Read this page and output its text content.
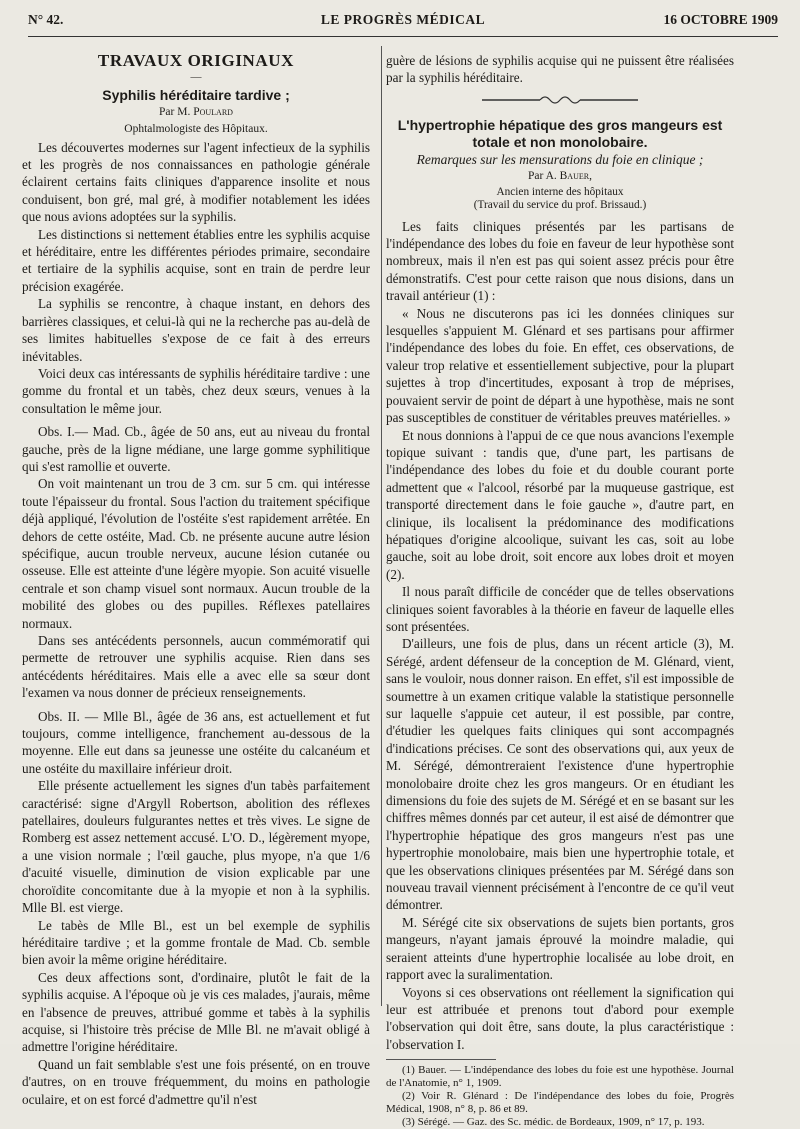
N° 42.	LE PROGRÈS MÉDICAL	16 OCTOBRE 1909

TRAVAUX ORIGINAUX

—

Syphilis héréditaire tardive ;

Par M. Poulard

Ophtalmologiste des Hôpitaux.

Les découvertes modernes sur l'agent infectieux de la syphilis et les progrès de nos connaissances en pathologie générale éclairent certains faits cliniques d'apparence insolite et nous conduisent, bon gré, mal gré, à modifier notablement les idées que nous avions adoptées sur la syphilis.

Les distinctions si nettement établies entre les syphilis acquise et héréditaire, entre les différentes périodes primaire, secondaire et tertiaire de la syphilis acquise, sont en train de perdre leur précision exagérée.

La syphilis se rencontre, à chaque instant, en dehors des barrières classiques, et celui-là qui ne la recherche pas au-delà de ses limites habituelles s'expose de ce fait à des erreurs inévitables.

Voici deux cas intéressants de syphilis héréditaire tardive : une gomme du frontal et un tabès, chez deux sœurs, venues à la consultation le même jour.

Obs. I.— Mad. Cb., âgée de 50 ans, eut au niveau du frontal gauche, près de la ligne médiane, une large gomme syphilitique qui s'est ramollie et ouverte.

On voit maintenant un trou de 3 cm. sur 5 cm. qui intéresse toute l'épaisseur du frontal. Sous l'action du traitement spécifique déjà appliqué, l'évolution de l'ostéite s'est rapidement arrêtée. En dehors de cette ostéite, Mad. Cb. ne présente aucune autre lésion spécifique, aucun trouble nerveux, aucune lésion cutanée ou osseuse. Elle est atteinte d'une légère myopie. Son acuité visuelle centrale et son champ visuel sont normaux. Aucun trouble de la mobilité des globes ou des pupilles. Réflexes patellaires normaux.

Dans ses antécédents personnels, aucun commémoratif qui permette de retrouver une syphilis acquise. Rien dans ses antécédents héréditaires. Mais elle a avec elle sa sœur dont l'examen va nous donner de précieux renseignements.

Obs. II. — Mlle Bl., âgée de 36 ans, est actuellement et fut toujours, comme intelligence, franchement au-dessous de la moyenne. Elle eut dans sa jeunesse une ostéite du calcanéum et une ostéite du maxillaire inférieur droit.

Elle présente actuellement les signes d'un tabès parfaitement caractérisé: signe d'Argyll Robertson, abolition des réflexes patellaires, douleurs fulgurantes nettes et très vives. Le signe de Romberg est assez nettement accusé. L'O. D., légèrement myope, a une vision normale ; l'œil gauche, plus myope, n'a que 1/6 d'acuité visuelle, diminution de vision explicable par une choroïdite concomitante due à la myopie et non à la syphilis. Mlle Bl. est vierge.

Le tabès de Mlle Bl., est un bel exemple de syphilis héréditaire tardive ; et la gomme frontale de Mad. Cb. semble bien avoir la même origine héréditaire.

Ces deux affections sont, d'ordinaire, plutôt le fait de la syphilis acquise. A l'époque où je vis ces malades, j'aurais, même en l'absence de preuves, attribué gomme et tabès à la syphilis acquise, si l'histoire très précise de Mlle Bl. ne m'avait obligé à admettre l'origine héréditaire.

Quand un fait semblable s'est une fois présenté, on en trouve d'autres, on en trouve fréquemment, du moins en pathologie oculaire, et on est forcé d'admettre qu'il n'est

guère de lésions de syphilis acquise qui ne puissent être réalisées par la syphilis héréditaire.

L'hypertrophie hépatique des gros mangeurs est totale et non monolobaire.

Remarques sur les mensurations du foie en clinique ;

Par A. Bauer,

Ancien interne des hôpitaux

(Travail du service du prof. Brissaud.)

Les faits cliniques présentés par les partisans de l'indépendance des lobes du foie en faveur de leur hypothèse sont nombreux, mais il n'en est pas qui soient assez précis pour être démonstratifs. C'est pour cette raison que nous disions, dans un travail antérieur (1) :

« Nous ne discuterons pas ici les données cliniques sur lesquelles s'appuient M. Glénard et ses partisans pour affirmer l'indépendance des lobes du foie. En effet, ces observations, de valeur trop relative et essentiellement subjective, pour la plupart sujettes à trop d'incertitudes, exposant à trop de méprises, pouvaient servir de point de départ à une hypothèse, mais ne sont pas susceptibles de constituer de véritables preuves matérielles. »

Et nous donnions à l'appui de ce que nous avancions l'exemple topique suivant : tandis que, d'une part, les partisans de l'indépendance des lobes du foie et du double courant porte admettent que « l'alcool, résorbé par la muqueuse gastrique, est transporté directement dans le foie gauche », d'autre part, en clinique, ils localisent la prédominance des modifications hépatiques d'origine alcoolique, suivant les cas, soit au lobe gauche, soit au lobe droit, soit encore aux lobes droit et moyen (2).

Il nous paraît difficile de concéder que de telles observations cliniques soient favorables à la théorie en faveur de laquelle elles sont présentées.

D'ailleurs, une fois de plus, dans un récent article (3), M. Sérégé, ardent défenseur de la conception de M. Glénard, vient, sans le vouloir, nous donner raison. En effet, s'il est impossible de soumettre à un examen critique valable la statistique personnelle sur laquelle s'appuie cet auteur, il est possible, par contre, d'étudier les quelques faits cliniques qui sont accompagnés d'indications précises. Ce sont des observations qui, aux yeux de M. Sérégé, démontreraient l'existence d'une hypertrophie monolobaire droite chez les gros mangeurs. Or en étudiant les dimensions du foie des sujets de M. Sérégé et en se basant sur les chiffres mêmes donnés par cet auteur, il est aisé de démontrer que l'hypertrophie hépatique des gros mangeurs n'est pas une hypertrophie monolobaire, mais bien une hypertrophie totale, et que les observations cliniques présentées par M. Sérégé dans son nouveau travail viennent précisément à l'encontre de ce qu'il veut démontrer.

M. Sérégé cite six observations de sujets bien portants, gros mangeurs, n'ayant jamais éprouvé la moindre maladie, qui seraient atteints d'une hypertrophie localisée au lobe droit, en rapport avec la suralimentation.

Voyons si ces observations ont réellement la signification qui leur est attribuée et prenons tout d'abord pour exemple l'observation qui doit être, sans doute, la plus caractéristique : l'observation I.

(1) Bauer. — L'indépendance des lobes du foie est une hypothèse. Journal de l'Anatomie, n° 1, 1909.

(2) Voir R. Glénard : De l'indépendance des lobes du foie, Progrès Médical, 1908, n° 8, p. 86 et 89.

(3) Sérégé. — Gaz. des Sc. médic. de Bordeaux, 1909, n° 17, p. 193.
